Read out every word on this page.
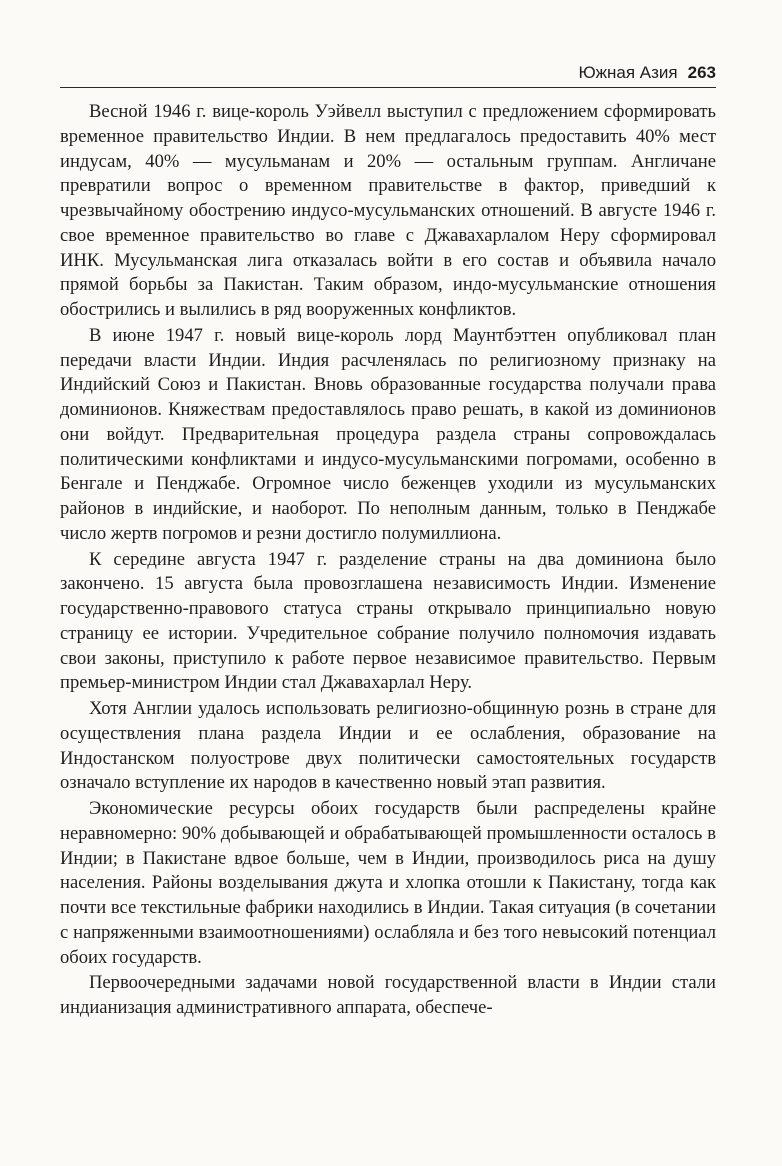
Южная Азия 263

Весной 1946 г. вице-король Уэйвелл выступил с предложением сформировать временное правительство Индии. В нем предлагалось предоставить 40% мест индусам, 40% — мусульманам и 20% — остальным группам. Англичане превратили вопрос о временном правительстве в фактор, приведший к чрезвычайному обострению индусо-мусульманских отношений. В августе 1946 г. свое временное правительство во главе с Джавахарлалом Неру сформировал ИНК. Мусульманская лига отказалась войти в его состав и объявила начало прямой борьбы за Пакистан. Таким образом, индо-мусульманские отношения обострились и вылились в ряд вооруженных конфликтов.

В июне 1947 г. новый вице-король лорд Маунтбэттен опубликовал план передачи власти Индии. Индия расчленялась по религиозному признаку на Индийский Союз и Пакистан. Вновь образованные государства получали права доминионов. Княжествам предоставлялось право решать, в какой из доминионов они войдут. Предварительная процедура раздела страны сопровождалась политическими конфликтами и индусо-мусульманскими погромами, особенно в Бенгале и Пенджабе. Огромное число беженцев уходили из мусульманских районов в индийские, и наоборот. По неполным данным, только в Пенджабе число жертв погромов и резни достигло полумиллиона.

К середине августа 1947 г. разделение страны на два доминиона было закончено. 15 августа была провозглашена независимость Индии. Изменение государственно-правового статуса страны открывало принципиально новую страницу ее истории. Учредительное собрание получило полномочия издавать свои законы, приступило к работе первое независимое правительство. Первым премьер-министром Индии стал Джавахарлал Неру.

Хотя Англии удалось использовать религиозно-общинную рознь в стране для осуществления плана раздела Индии и ее ослабления, образование на Индостанском полуострове двух политически самостоятельных государств означало вступление их народов в качественно новый этап развития.

Экономические ресурсы обоих государств были распределены крайне неравномерно: 90% добывающей и обрабатывающей промышленности осталось в Индии; в Пакистане вдвое больше, чем в Индии, производилось риса на душу населения. Районы возделывания джута и хлопка отошли к Пакистану, тогда как почти все текстильные фабрики находились в Индии. Такая ситуация (в сочетании с напряженными взаимоотношениями) ослабляла и без того невысокий потенциал обоих государств.

Первоочередными задачами новой государственной власти в Индии стали индианизация административного аппарата, обеспече-
